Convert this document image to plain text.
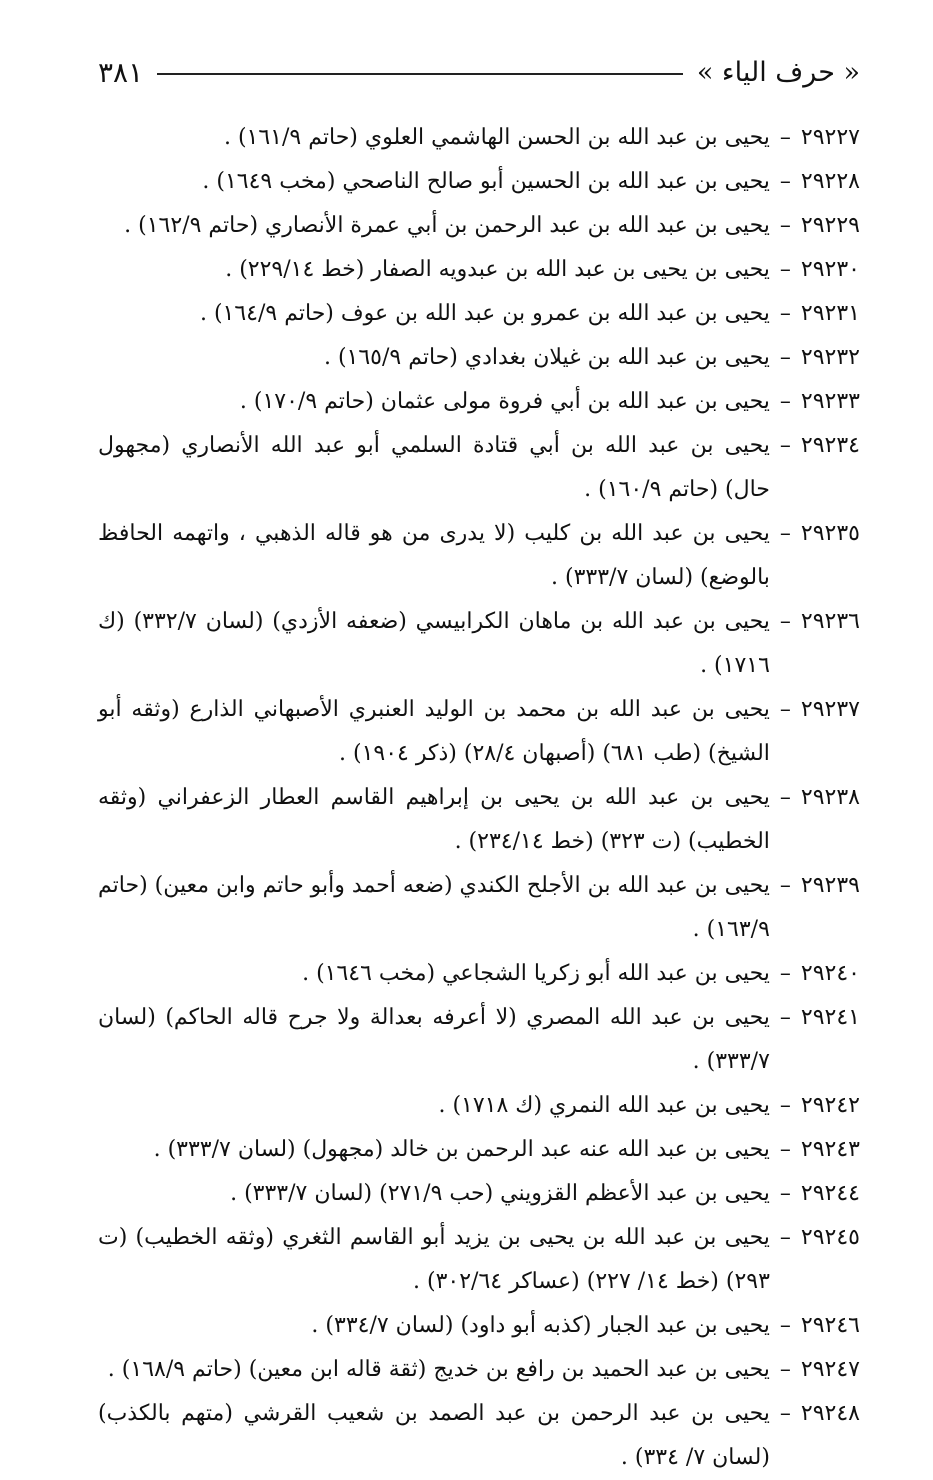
« حرف الياء »
٣٨١
٢٩٢٢٧
–
يحيى بن عبد الله بن الحسن الهاشمي العلوي (حاتم ١٦١/٩) .
٢٩٢٢٨
–
يحيى بن عبد الله بن الحسين أبو صالح الناصحي (مخب ١٦٤٩) .
٢٩٢٢٩
–
يحيى بن عبد الله بن عبد الرحمن بن أبي عمرة الأنصاري (حاتم ١٦٢/٩) .
٢٩٢٣٠
–
يحيى بن يحيى بن عبد الله بن عبدويه الصفار (خط ٢٢٩/١٤) .
٢٩٢٣١
–
يحيى بن عبد الله بن عمرو بن عبد الله بن عوف (حاتم ١٦٤/٩) .
٢٩٢٣٢
–
يحيى بن عبد الله بن غيلان بغدادي (حاتم ١٦٥/٩) .
٢٩٢٣٣
–
يحيى بن عبد الله بن أبي فروة مولى عثمان (حاتم ١٧٠/٩) .
٢٩٢٣٤
–
يحيى بن عبد الله بن أبي قتادة السلمي أبو عبد الله الأنصاري (مجهول حال) (حاتم ١٦٠/٩) .
٢٩٢٣٥
–
يحيى بن عبد الله بن كليب (لا يدرى من هو قاله الذهبي ، واتهمه الحافظ بالوضع) (لسان ٣٣٣/٧) .
٢٩٢٣٦
–
يحيى بن عبد الله بن ماهان الكرابيسي (ضعفه الأزدي) (لسان ٣٣٢/٧) (ك ١٧١٦) .
٢٩٢٣٧
–
يحيى بن عبد الله بن محمد بن الوليد العنبري الأصبهاني الذارع (وثقه أبو الشيخ) (طب ٦٨١) (أصبهان ٢٨/٤) (ذكر ١٩٠٤) .
٢٩٢٣٨
–
يحيى بن عبد الله بن يحيى بن إبراهيم القاسم العطار الزعفراني (وثقه الخطيب) (ت ٣٢٣) (خط ٢٣٤/١٤) .
٢٩٢٣٩
–
يحيى بن عبد الله بن الأجلح الكندي (ضعه أحمد وأبو حاتم وابن معين) (حاتم ١٦٣/٩) .
٢٩٢٤٠
–
يحيى بن عبد الله أبو زكريا الشجاعي (مخب ١٦٤٦) .
٢٩٢٤١
–
يحيى بن عبد الله المصري (لا أعرفه بعدالة ولا جرح قاله الحاكم) (لسان ٣٣٣/٧) .
٢٩٢٤٢
–
يحيى بن عبد الله النمري (ك ١٧١٨) .
٢٩٢٤٣
–
يحيى بن عبد الله عنه عبد الرحمن بن خالد (مجهول) (لسان ٣٣٣/٧) .
٢٩٢٤٤
–
يحيى بن عبد الأعظم القزويني (حب ٢٧١/٩) (لسان ٣٣٣/٧) .
٢٩٢٤٥
–
يحيى بن عبد الله بن يحيى بن يزيد أبو القاسم الثغري (وثقه الخطيب) (ت ٢٩٣) (خط ١٤/ ٢٢٧) (عساكر ٣٠٢/٦٤) .
٢٩٢٤٦
–
يحيى بن عبد الجبار (كذبه أبو داود) (لسان ٣٣٤/٧) .
٢٩٢٤٧
–
يحيى بن عبد الحميد بن رافع بن خديج (ثقة قاله ابن معين) (حاتم ١٦٨/٩) .
٢٩٢٤٨
–
يحيى بن عبد الرحمن بن عبد الصمد بن شعيب القرشي (متهم بالكذب) (لسان ٧/ ٣٣٤) .
